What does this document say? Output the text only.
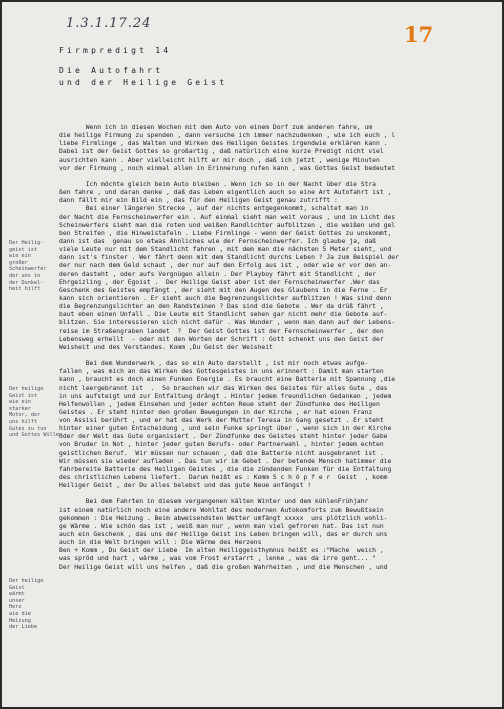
1.3.1.17.24	17
Firmpredigt 14
Die Autofahrt
und der Heilige Geist
Der Heilig-
geist ist
wie ein
großer
Scheinwerfer
der uns in
der Dunkel-
heit hilft
Der heilige
Geist ist
wie ein
starker
Motor, der
uns hilft
Gutes zu tun
und Gottes Willen
Der heilige
Geist
wärmt
unser
Herz
wie die
Heizung
der Liebe
Wenn ich in diesen Wochen mit dem Auto von einem Dorf zum anderen fahre, um
die heilige Firmung zu spenden , dann versuche ich immer nachzudenken , wie ich euch , l
liebe Firmlinge , das Walten und Wirken des Heiligen Geistes irgendwie erklären kann .
Dabei ist der Geist Gottes so großartig , daß natürlich eine kurze Predigt nicht viel
ausrichten kann . Aber vielleicht hilft er mir doch , daß ich jetzt , wenige Minuten
vor der Firmung , noch einmal allen in Erinnerung rufen kann , was Gottes Geist bedeutet
Ich möchte gleich beim Auto bleiben . Wenn ich so in der Nacht über die Stra
ßen fahre , und daran denke , daß das Leben eigentlich auch so eine Art Autofahrt ist ,
dann fällt mir ein Bild ein , das für den Heiligen Geist genau zutrifft :
Bei einer längeren Strecke , auf der nichts entgegenkommt, schaltet man in
der Nacht die Fernscheinwerfer ein . Auf einmal sieht man weit voraus , und im Licht des
Scheinwerfers sieht man die roten und weißen Randlichter aufblitzen , die weißen und gel
ben Streifen , die Hinweistafeln . Liebe Firmlinge - wenn der Geist Gottes zu unskommt,
dann ist das  genau so etwas Ähnliches wie der Fernscheinwerfer. Ich glaube ja, daß
viele Leute nur mit dem Standlicht fahren , mit dem man die nächsten 5 Meter sieht, und
dann ist's finster . Wer fährt denn mit dem Standlicht durchs Leben ? Ja zum Beispiel der
der nur nach dem Geld schaut , der nur auf den Erfolg aus ist , oder wie er vor den an-
deren dasteht , oder aufs Vergnügen allein . Der Playboy fährt mit Standlicht , der
Ehrgeizling , der Egoist .  Der Heilige Geist aber ist der Fernscheinwerfer .Wer das
Geschenk des Geistes empfängt , der sieht mit den Augen des Glaubens in die Ferne . Er
kann sich orientieren . Er sieht auch die Begrenzungslichter aufblitzen ! Was sind denn
die Begrenzungslichter an den Randsteinen ? Das sind die Gebote . Wer da drüß fährt ,
baut eben einen Unfall . Die Leute mit Standlicht sehen gar nicht mehr die Gebote auf-
blitzen. Sie interessieren sich nicht dafür . Was Wunder , wenn man dann auf der Lebens-
reise im Straßengraben landet  ?  Der Geist Gottes ist der Fernscheinwerfer , der den
Lebensweg erhellt  - oder mit den Worten der Schrift : Gott schenkt uns den Geist der
Weisheit und des Verstandes. Komm ,Du Geist der Weisheit
Bei dem Wunderwerk , das so ein Auto darstellt , ist mir noch etwas aufge-
fallen , was mich an das Wirken des Gottesgeistes in uns erinnert : Damit man starten
kann , braucht es doch einen Funken Energie . Es braucht eine Batterie mit Spannung ,die
nicht leergebrannt ist  .  So brauchen wir das Wirken des Geistes für alles Gute , das
in uns aufsteigt und zur Entfaltung drängt . Hinter jedem freundlichen Gedanken , jedem
Helfenwollen , jedem Einsehen und jeder echten Reue steht der Zündfunke des Heiligen
Geistes . Er steht hinter den großen Bewegungen in der Kirche , er hat einen Franz
von Assisi berührt , und er hat das Werk der Mutter Teresa in Gang gesetzt . Er steht
hinter einer guten Entscheidung , und sein Funke springt über , wenn sich in der Kirche
oder der Welt das Gute organisiert . Der Zündfunke des Geistes steht hinter jeder Gabe
von Bruder in Not , hinter jeder guten Berufs- oder Partnerwahl , hinter jedem echten
geistlichen Beruf.  Wir müssen nur schauen , daß die Batterie nicht ausgebrannt ist .
Wir müssen sie wieder aufladen . Das tun wir im Gebet . Der betende Mensch hatimmer die
fahrbereite Batterie des Heiligen Geistes , die die zündenden Funken für die Entfaltung
des christlichen Lebens liefert.  Darum heißt es : Komm S c h ö p f e r  Geist  , komm
Heiliger Geist , der Du alles belebst und das gute Neue anfängst !
Bei dem Fahrten in diesem vergangenen kälten Winter und dem kühlenFrühjahr
ist einem natürlich noch eine andere Wohltat des modernen Autokomforts zum Bewußtsein
gekommen : Die Heizung . Beim abweisendsten Wetter umfängt xxxxx  uns plötzlich wohli-
ge Wärme . Wie schön das ist , weiß man nur , wenn man viel gefroren hat. Das ist nun
auch ein Geschenk , das uns der Heilige Geist ins Leben bringen will, das er durch uns
auch in die Welt bringen will : Die Wärme des Herzens
Ben + Komm , Du Geist der Liebe  Im alten Heiliggeisthymnus heißt es :"Mache  weich ,
was spröd und hart , wärme , was vom Frost erstarrt , lenke , was da irre geht... "
Der Heilige Geist will uns helfen , daß die großen Wahrheiten , und die Menschen , und
